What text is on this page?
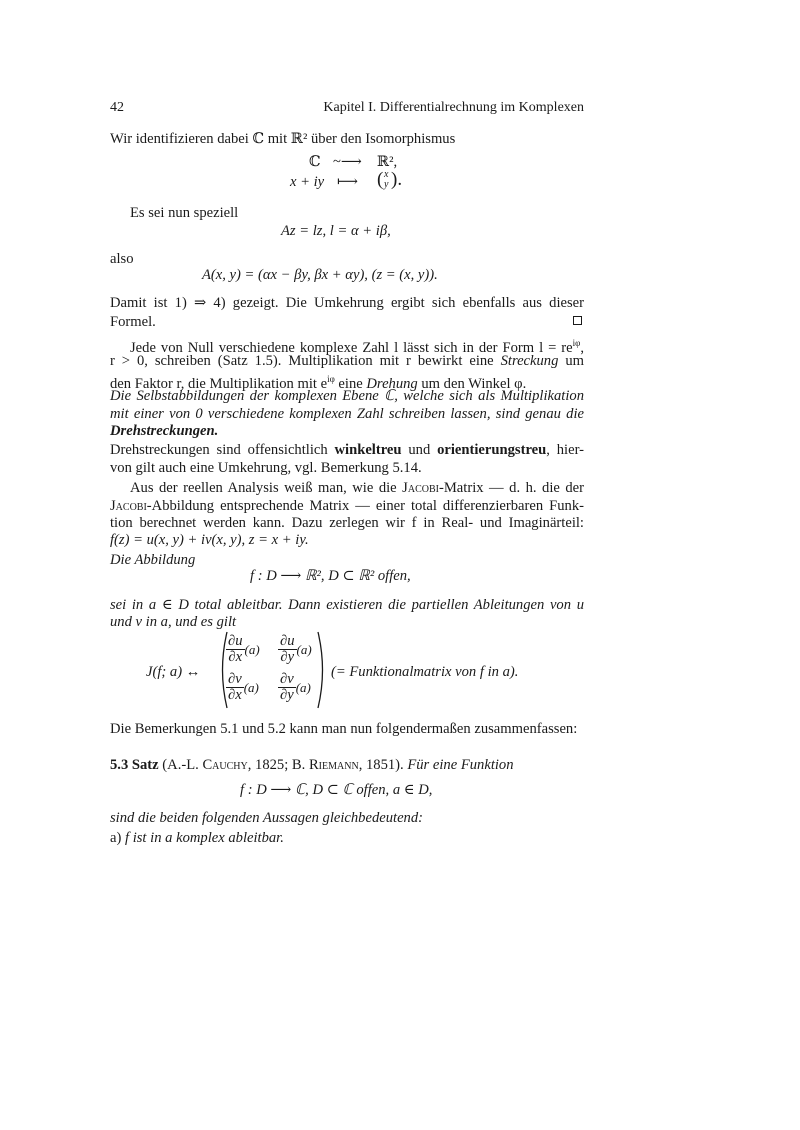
42	Kapitel I. Differentialrechnung im Komplexen
Wir identifizieren dabei ℂ mit ℝ² über den Isomorphismus
ℂ ~⟶ ℝ²,
x + iy ⟼ ( x
y ).
Es sei nun speziell
Az = lz, l = α + iβ,
also
A(x, y) = (αx − βy, βx + αy), (z = (x, y)).
Damit ist 1) ⇒ 4) gezeigt. Die Umkehrung ergibt sich ebenfalls aus dieser
Formel.
Jede von Null verschiedene komplexe Zahl l lässt sich in der Form $l = re^{i\varphi}$,
r > 0, schreiben (Satz 1.5). Multiplikation mit r bewirkt eine Streckung um
den Faktor r, die Multiplikation mit $e^{i\varphi}$ eine Drehung um den Winkel φ.
Die Selbstabbildungen der komplexen Ebene ℂ, welche sich als Multiplikation
mit einer von 0 verschiedene komplexen Zahl schreiben lassen, sind genau die
Drehstreckungen.
Drehstreckungen sind offensichtlich winkeltreu und orientierungstreu, hier-
von gilt auch eine Umkehrung, vgl. Bemerkung 5.14.
Aus der reellen Analysis weiß man, wie die Jacobi-Matrix — d. h. die der
Jacobi-Abbildung entsprechende Matrix — einer total differenzierbaren Funk-
tion berechnet werden kann. Dazu zerlegen wir f in Real- und Imaginärteil:
f(z) = u(x, y) + iv(x, y), z = x + iy.
Die Abbildung
f : D ⟶ ℝ², D ⊂ ℝ² offen,
sei in a ∈ D total ableitbar. Dann existieren die partiellen Ableitungen von u
und v in a, und es gilt
J(f; a) ↔
$\frac{\partial u}{\partial x} (a) \frac{\partial u}{\partial y} (a)$
$\frac{\partial v}{\partial x} (a) \frac{\partial v}{\partial y} (a)$
(= Funktionalmatrix von f in a).
Die Bemerkungen 5.1 und 5.2 kann man nun folgendermaßen zusammenfassen:
5.3 Satz (A.-L. Cauchy, 1825; B. Riemann, 1851). Für eine Funktion
f : D ⟶ ℂ, D ⊂ ℂ offen, a ∈ D,
sind die beiden folgenden Aussagen gleichbedeutend:
a) f ist in a komplex ableitbar.
